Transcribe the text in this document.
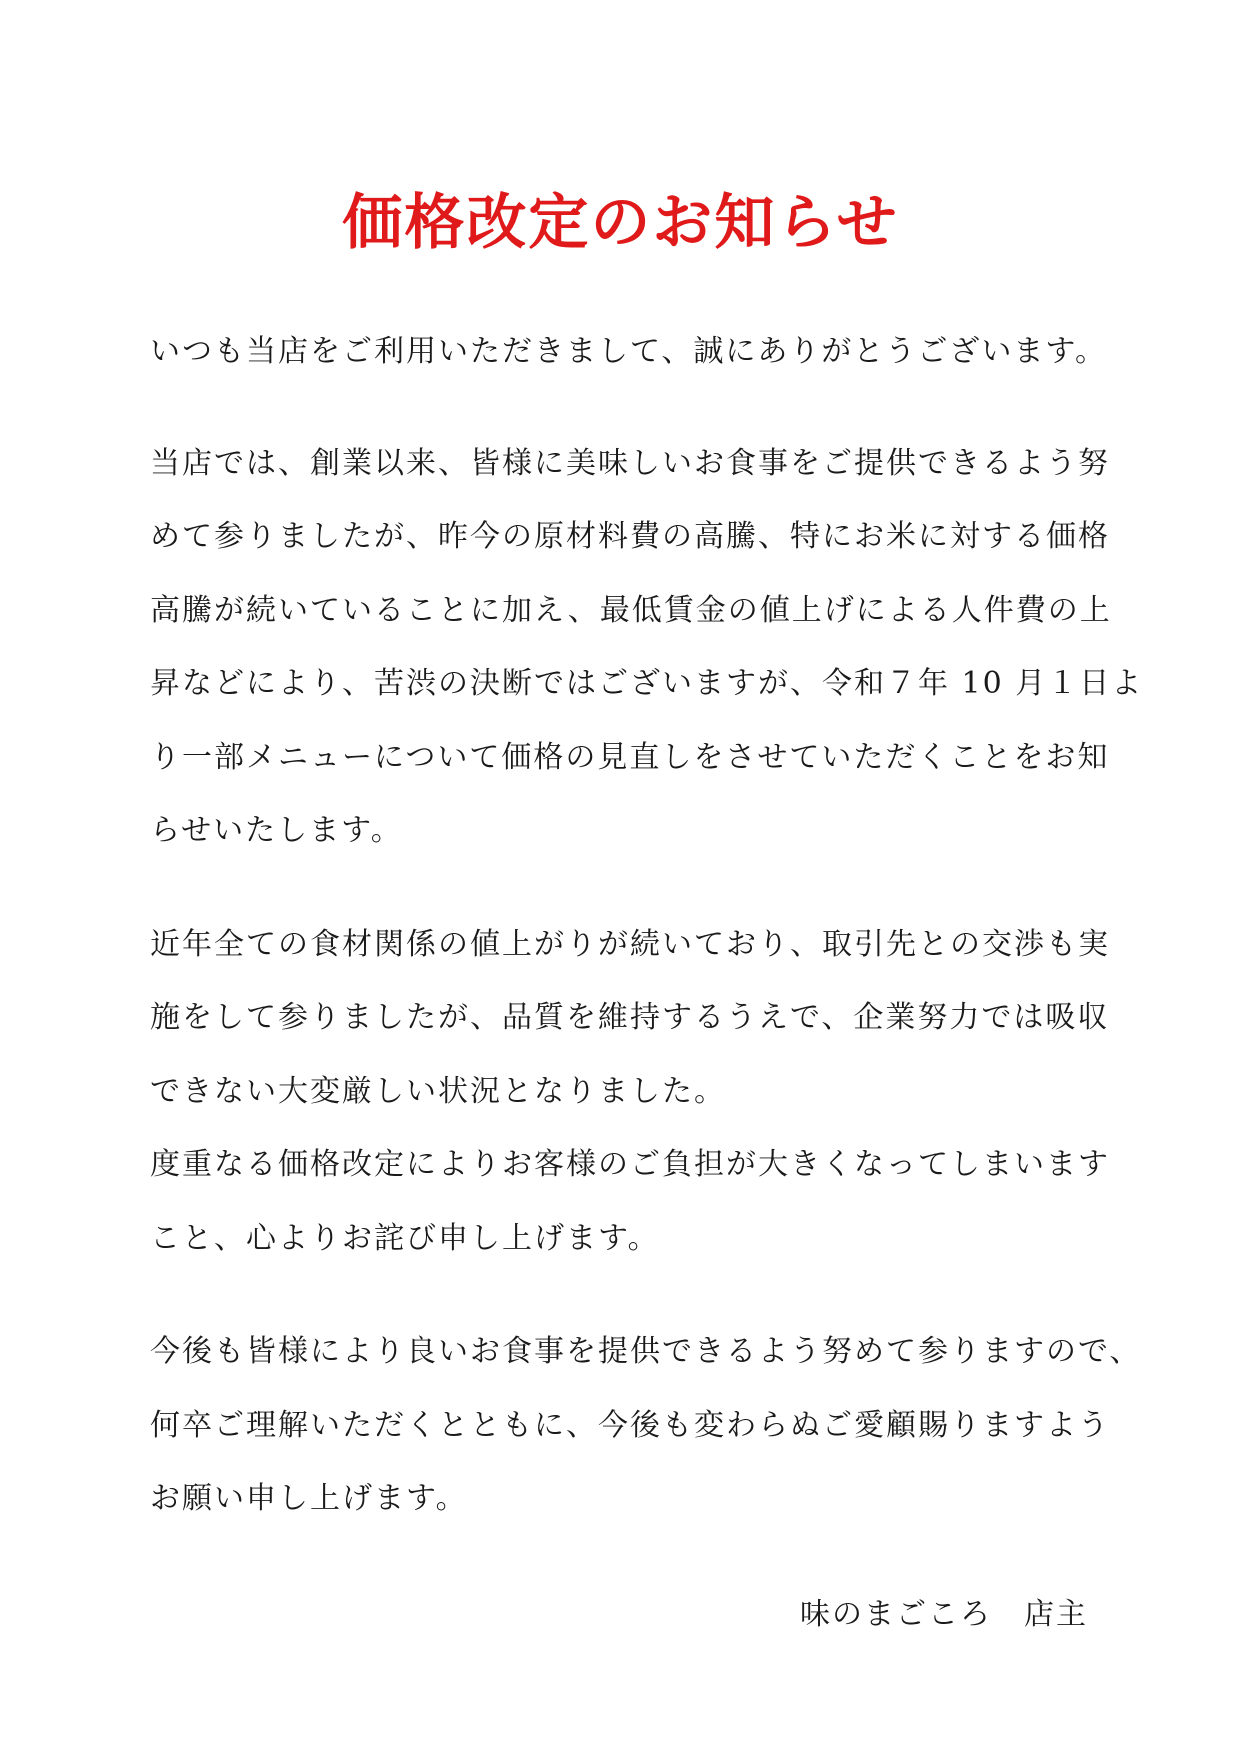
価格改定のお知らせ
いつも当店をご利用いただきまして、誠にありがとうございます。
当店では、創業以来、皆様に美味しいお食事をご提供できるよう努
めて参りましたが、昨今の原材料費の高騰、特にお米に対する価格
高騰が続いていることに加え、最低賃金の値上げによる人件費の上
昇などにより、苦渋の決断ではございますが、令和７年 10 月１日よ
り一部メニューについて価格の見直しをさせていただくことをお知
らせいたします。
近年全ての食材関係の値上がりが続いており、取引先との交渉も実
施をして参りましたが、品質を維持するうえで、企業努力では吸収
できない大変厳しい状況となりました。
度重なる価格改定によりお客様のご負担が大きくなってしまいます
こと、心よりお詫び申し上げます。
今後も皆様により良いお食事を提供できるよう努めて参りますので、
何卒ご理解いただくとともに、今後も変わらぬご愛顧賜りますよう
お願い申し上げます。
味のまごころ　店主
